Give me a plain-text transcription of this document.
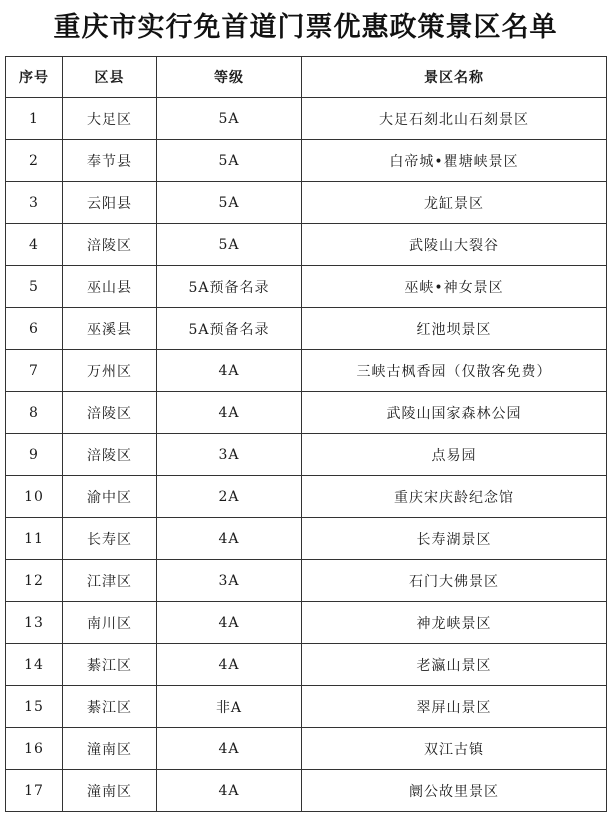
重庆市实行免首道门票优惠政策景区名单
序号	区县	等级	景区名称
1	大足区	5A	大足石刻北山石刻景区
2	奉节县	5A	白帝城•瞿塘峡景区
3	云阳县	5A	龙缸景区
4	涪陵区	5A	武陵山大裂谷
5	巫山县	5A预备名录	巫峡•神女景区
6	巫溪县	5A预备名录	红池坝景区
7	万州区	4A	三峡古枫香园（仅散客免费）
8	涪陵区	4A	武陵山国家森林公园
9	涪陵区	3A	点易园
10	渝中区	2A	重庆宋庆龄纪念馆
11	长寿区	4A	长寿湖景区
12	江津区	3A	石门大佛景区
13	南川区	4A	神龙峡景区
14	綦江区	4A	老瀛山景区
15	綦江区	非A	翠屏山景区
16	潼南区	4A	双江古镇
17	潼南区	4A	阛公故里景区
